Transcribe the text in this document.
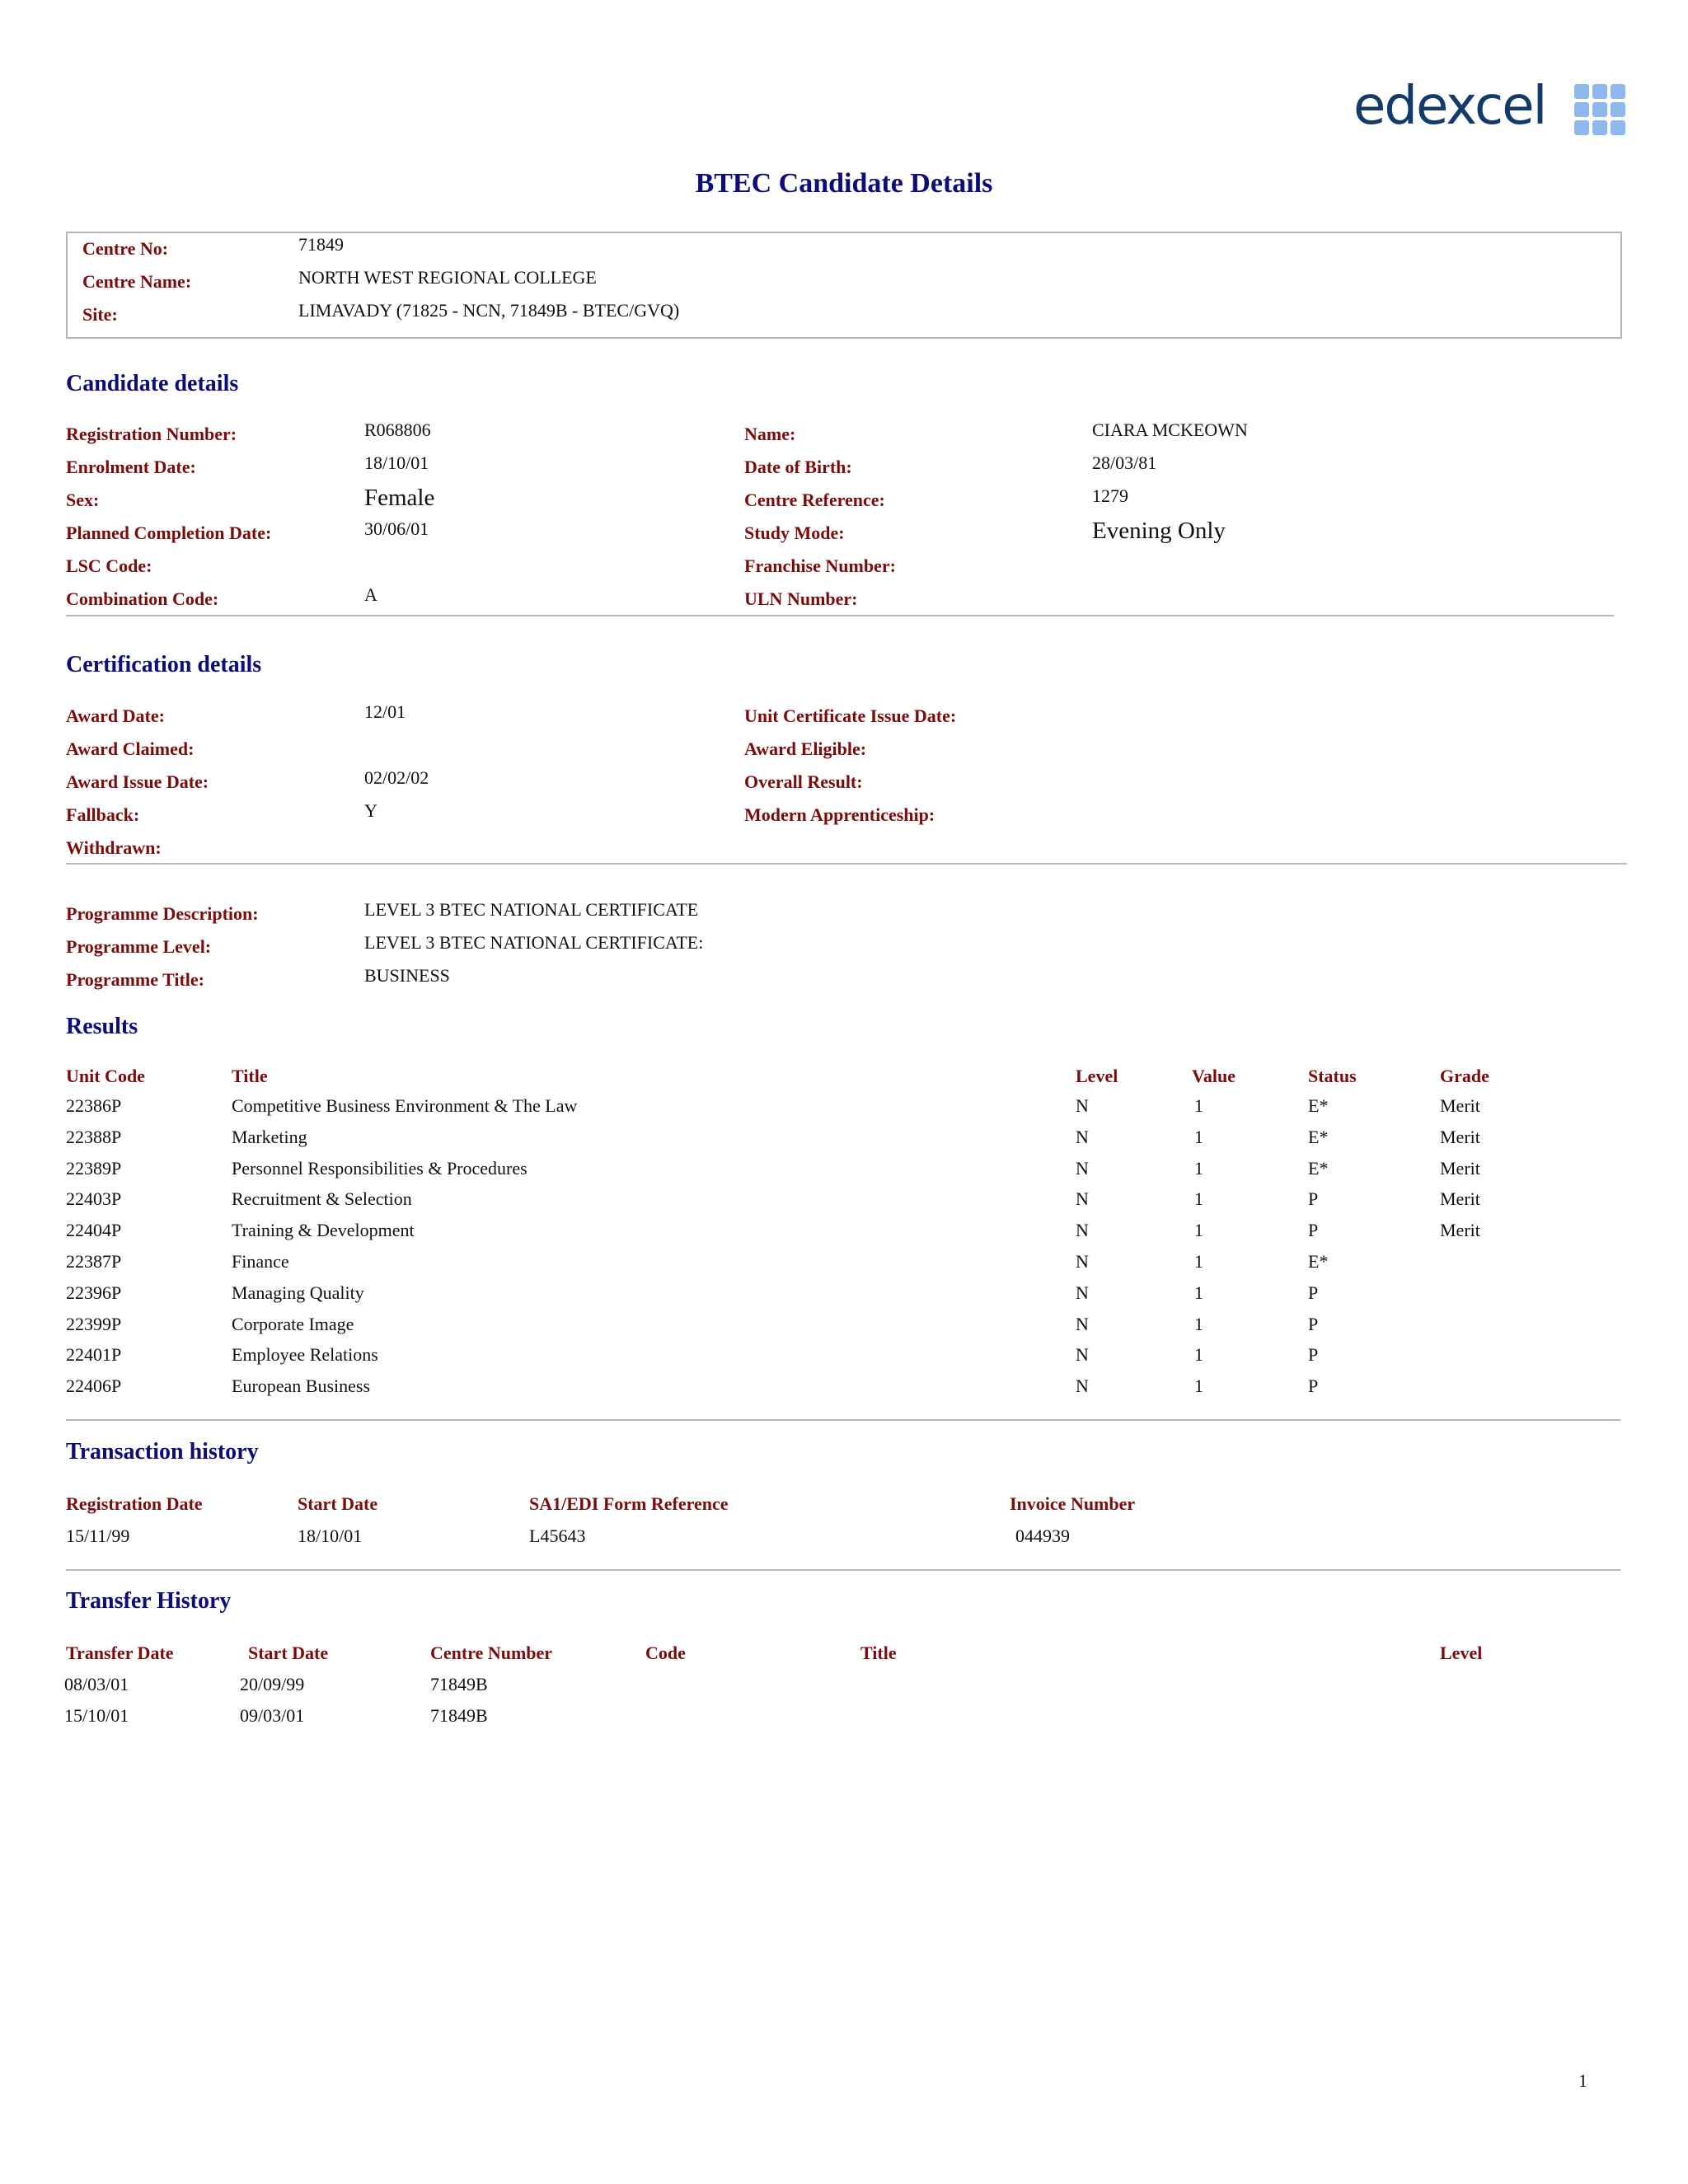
edexcel
BTEC Candidate Details
Centre No:	71849
Centre Name:	NORTH WEST REGIONAL COLLEGE
Site:	LIMAVADY (71825 - NCN, 71849B - BTEC/GVQ)
Candidate details
Registration Number:	R068806
Enrolment Date:	18/10/01
Sex:	Female
Planned Completion Date:	30/06/01
LSC Code:
Combination Code:	A
Name:	CIARA MCKEOWN
Date of Birth:	28/03/81
Centre Reference:	1279
Study Mode:	Evening Only
Franchise Number:
ULN Number:
Certification details
Award Date:	12/01
Award Claimed:
Award Issue Date:	02/02/02
Fallback:	Y
Withdrawn:
Unit Certificate Issue Date:
Award Eligible:
Overall Result:
Modern Apprenticeship:
Programme Description:	LEVEL 3 BTEC NATIONAL CERTIFICATE
Programme Level:	LEVEL 3 BTEC NATIONAL CERTIFICATE:
Programme Title:	BUSINESS
Results
Unit Code	Title	Level	Value	Status	Grade
22386P	Competitive Business Environment & The Law	N	1	E*	Merit
22388P	Marketing	N	1	E*	Merit
22389P	Personnel Responsibilities & Procedures	N	1	E*	Merit
22403P	Recruitment & Selection	N	1	P	Merit
22404P	Training & Development	N	1	P	Merit
22387P	Finance	N	1	E*
22396P	Managing Quality	N	1	P
22399P	Corporate Image	N	1	P
22401P	Employee Relations	N	1	P
22406P	European Business	N	1	P
Transaction history
Registration Date	Start Date	SA1/EDI Form Reference	Invoice Number
15/11/99	18/10/01	L45643	044939
Transfer History
Transfer Date	Start Date	Centre Number	Code	Title	Level
08/03/01	20/09/99	71849B
15/10/01	09/03/01	71849B
1
